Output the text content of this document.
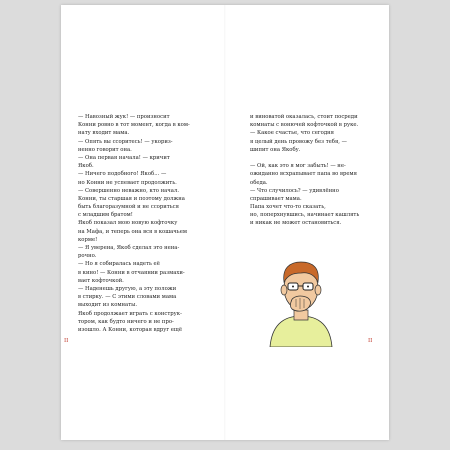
— Навозный жук! — произносит
Конни ровно в тот момент, когда в ком-
нату входит мама.
— Опять вы ссоритесь! — укориз-
ненно говорит она.
— Она первая начала! — кричит
Якоб.
— Ничего подобного! Якоб... —
но Конни не успевает продолжить.
— Совершенно неважно, кто начал.
Конни, ты старшая и поэтому должна
быть благоразумной и не ссориться
с младшим братом!
Якоб показал мою новую кофточку
на Мафа, и теперь она вся в кошачьем
корме!
— Я уверена, Якоб сделал это нена-
рочно.
— Но я собиралась надеть её
в кино! — Конни в отчаянии размахи-
вает кофточкой.
— Наденешь другую, а эту положи
в стирку. — С этими словами мама
выходит из комнаты.
Якоб продолжает играть с конструк-
тором, как будто ничего и не про-
изошло. А Конни, которая вдруг ещё
и виноватой оказалась, стоит посреди
комнаты с вонючей кофточкой в руке.
— Какое счастье, что сегодня
я целый день провожу без тебя, —
шипит она Якобу.
— Ой, как это я мог забыть! — не-
ожиданно всхрапывает папа во время
обеда.
— Что случилось? — удивлённо
спрашивает мама.
Папа хочет что-то сказать,
но, поперхнувшись, начинает кашлять
и никак не может остановиться.
II	II
